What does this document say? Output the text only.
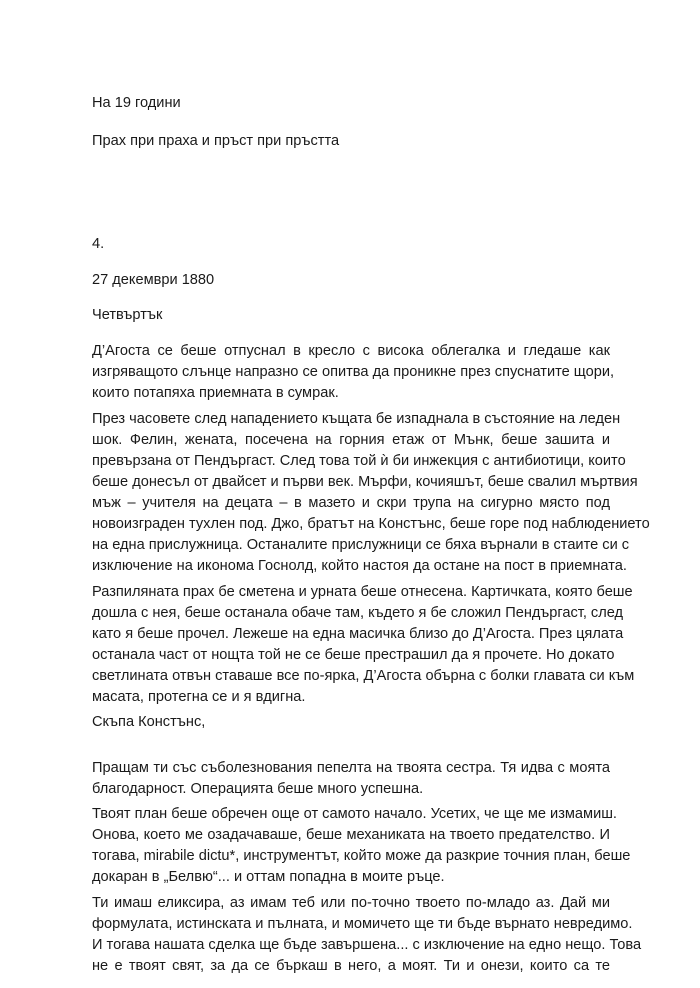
На 19 години
Прах при праха и пръст при пръстта
4.
27 декември 1880
Четвъртък
Д’Агоста се беше отпуснал в кресло с висока облегалка и гледаше как
изгряващото слънце напразно се опитва да проникне през спуснатите щори,
които потапяха приемната в сумрак.
През часовете след нападението къщата бе изпаднала в състояние на леден
шок. Фелин, жената, посечена на горния етаж от Мънк, беше зашита и
превързана от Пендъргаст. След това той ѝ би инжекция с антибиотици, които
беше донесъл от двайсет и първи век. Мърфи, кочияшът, беше свалил мъртвия
мъж – учителя на децата – в мазето и скри трупа на сигурно място под
новоизграден тухлен под. Джо, братът на Констънс, беше горе под наблюдението
на една прислужница. Останалите прислужници се бяха върнали в стаите си с
изключение на иконома Госнолд, който настоя да остане на пост в приемната.
Разпиляната прах бе сметена и урната беше отнесена. Картичката, която беше
дошла с нея, беше останала обаче там, където я бе сложил Пендъргаст, след
като я беше прочел. Лежеше на една масичка близо до Д’Агоста. През цялата
останала част от нощта той не се беше престрашил да я прочете. Но докато
светлината отвън ставаше все по-ярка, Д’Агоста обърна с болки главата си към
масата, протегна се и я вдигна.
Скъпа Констънс,
Пращам ти със съболезнования пепелта на твоята сестра. Тя идва с моята
благодарност. Операцията беше много успешна.
Твоят план беше обречен още от самото начало. Усетих, че ще ме измамиш.
Онова, което ме озадачаваше, беше механиката на твоето предателство. И
тогава, mirabile dictu*, инструментът, който може да разкрие точния план, беше
докаран в „Белвю“... и оттам попадна в моите ръце.
Ти имаш еликсира, аз имам теб или по-точно твоето по-младо аз. Дай ми
формулата, истинската и пълната, и момичето ще ти бъде върнато невредимо.
И тогава нашата сделка ще бъде завършена... с изключение на едно нещо. Това
не е твоят свят, за да се бъркаш в него, а моят. Ти и онези, които са те
